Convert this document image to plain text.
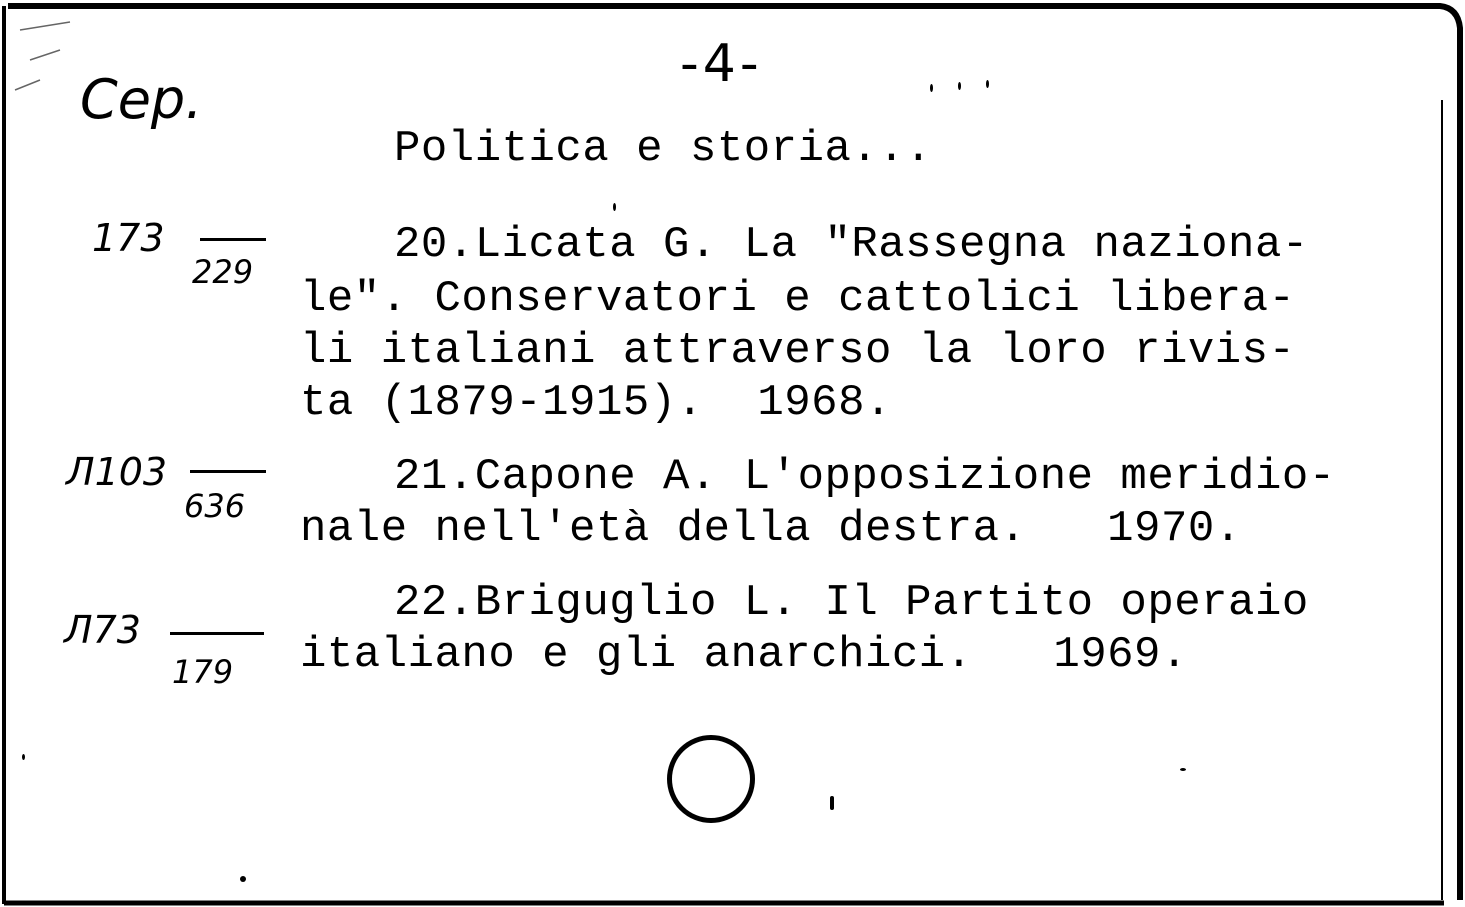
-4-
Cep.
Politica e storia...
173
229
20.Licata G. La "Rassegna naziona-
le". Conservatori e cattolici libera-
li italiani attraverso la loro rivis-
ta (1879-1915).  1968.
Л103
636
21.Capone A. L'opposizione meridio-
nale nell'età della destra.   1970.
Л73
179
22.Briguglio L. Il Partito operaio
italiano e gli anarchici.   1969.
